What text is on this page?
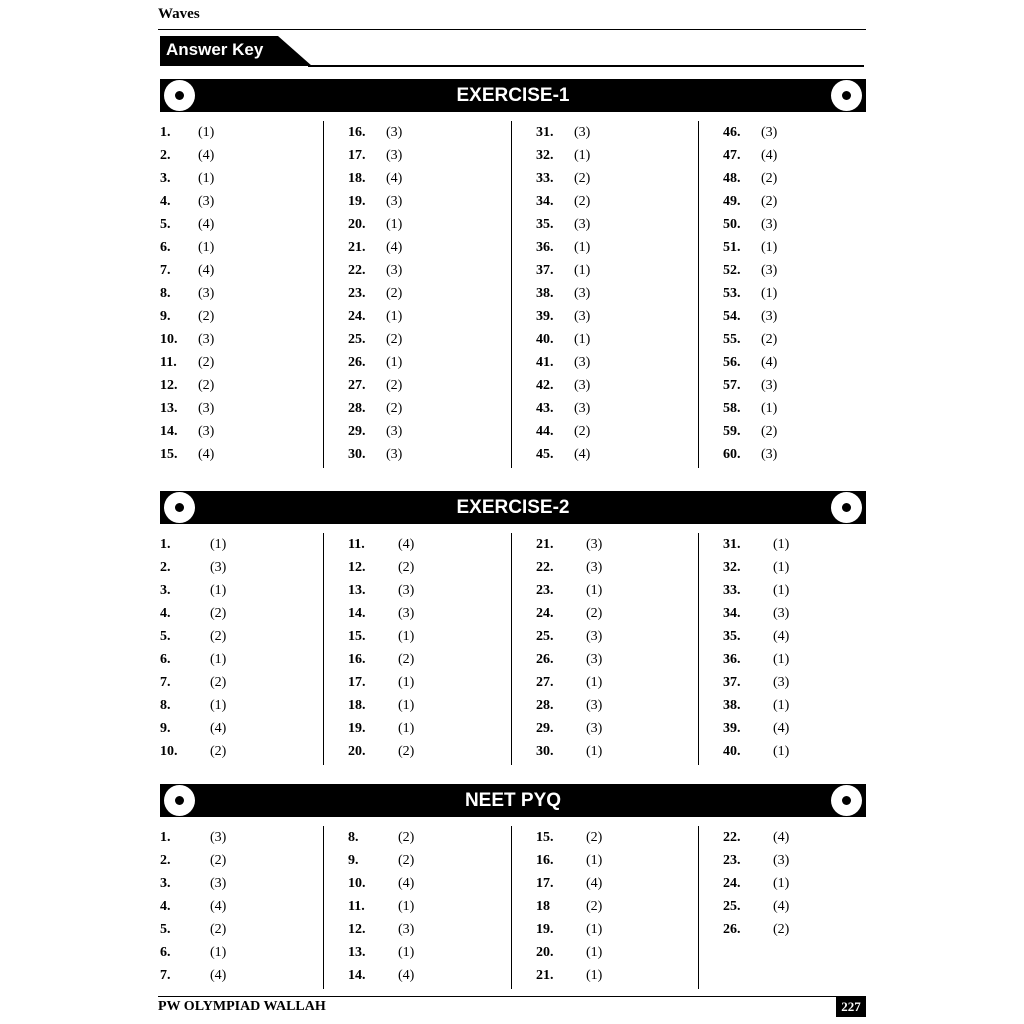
Waves
Answer Key
EXERCISE-1
1. (1)
2. (4)
3. (1)
4. (3)
5. (4)
6. (1)
7. (4)
8. (3)
9. (2)
10. (3)
11. (2)
12. (2)
13. (3)
14. (3)
15. (4)
16. (3)
17. (3)
18. (4)
19. (3)
20. (1)
21. (4)
22. (3)
23. (2)
24. (1)
25. (2)
26. (1)
27. (2)
28. (2)
29. (3)
30. (3)
31. (3)
32. (1)
33. (2)
34. (2)
35. (3)
36. (1)
37. (1)
38. (3)
39. (3)
40. (1)
41. (3)
42. (3)
43. (3)
44. (2)
45. (4)
46. (3)
47. (4)
48. (2)
49. (2)
50. (3)
51. (1)
52. (3)
53. (1)
54. (3)
55. (2)
56. (4)
57. (3)
58. (1)
59. (2)
60. (3)
EXERCISE-2
1.	(1)
2.	(3)
3.	(1)
4.	(2)
5.	(2)
6.	(1)
7.	(2)
8.	(1)
9.	(4)
10. (2)
11. (4)
12. (2)
13. (3)
14. (3)
15. (1)
16. (2)
17. (1)
18. (1)
19. (1)
20. (2)
21. (3)
22. (3)
23. (1)
24. (2)
25. (3)
26. (3)
27. (1)
28. (3)
29. (3)
30. (1)
31. (1)
32. (1)
33. (1)
34. (3)
35. (4)
36. (1)
37. (3)
38. (1)
39. (4)
40. (1)
NEET PYQ
1.	(3)
2.	(2)
3.	(3)
4.	(4)
5.	(2)
6.	(1)
7.	(4)
8.	(2)
9.	(2)
10. (4)
11. (1)
12. (3)
13. (1)
14. (4)
15. (2)
16. (1)
17. (4)
18	(2)
19. (1)
20. (1)
21. (1)
22. (4)
23. (3)
24. (1)
25. (4)
26. (2)
PW OLYMPIAD WALLAH	227
